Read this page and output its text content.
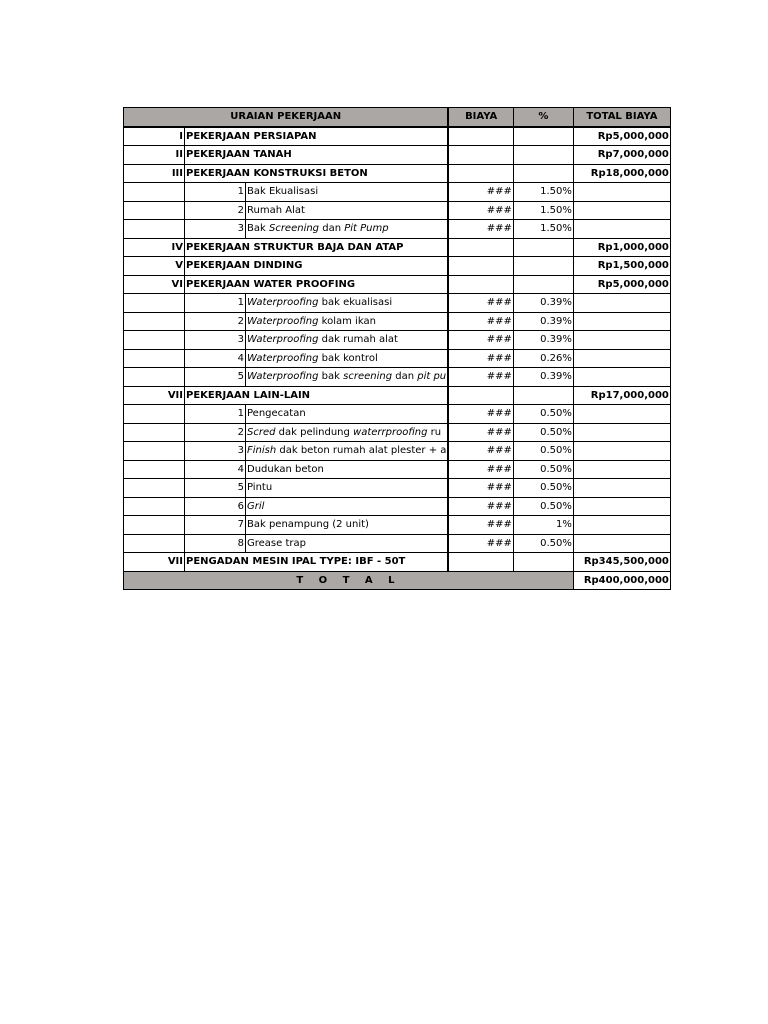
URAIAN PEKERJAAN			BIAYA	%	TOTAL BIAYA
I	PEKERJAAN PERSIAPAN				Rp5,000,000
II	PEKERJAAN TANAH				Rp7,000,000
III	PEKERJAAN KONSTRUKSI BETON				Rp18,000,000
	1	Bak Ekualisasi	###	1.50%	
	2	Rumah Alat	###	1.50%	
	3	Bak Screening dan Pit Pump	###	1.50%	
IV	PEKERJAAN STRUKTUR BAJA DAN ATAP				Rp1,000,000
V	PEKERJAAN DINDING				Rp1,500,000
VI	PEKERJAAN WATER PROOFING				Rp5,000,000
	1	Waterproofing bak ekualisasi	###	0.39%	
	2	Waterproofing kolam ikan	###	0.39%	
	3	Waterproofing dak rumah alat	###	0.39%	
	4	Waterproofing bak kontrol	###	0.26%	
	5	Waterproofing bak screening dan pit pu	###	0.39%	
VII	PEKERJAAN LAIN-LAIN				Rp17,000,000
	1	Pengecatan	###	0.50%	
	2	Scred dak pelindung waterrproofing ru	###	0.50%	
	3	Finish dak beton rumah alat plester + a	###	0.50%	
	4	Dudukan beton	###	0.50%	
	5	Pintu	###	0.50%	
	6	Gril	###	0.50%	
	7	Bak penampung (2 unit)	###	1%	
	8	Grease trap	###	0.50%	
VII	PENGADAN MESIN IPAL TYPE: IBF - 50T				Rp345,500,000
T O T A L					Rp400,000,000
